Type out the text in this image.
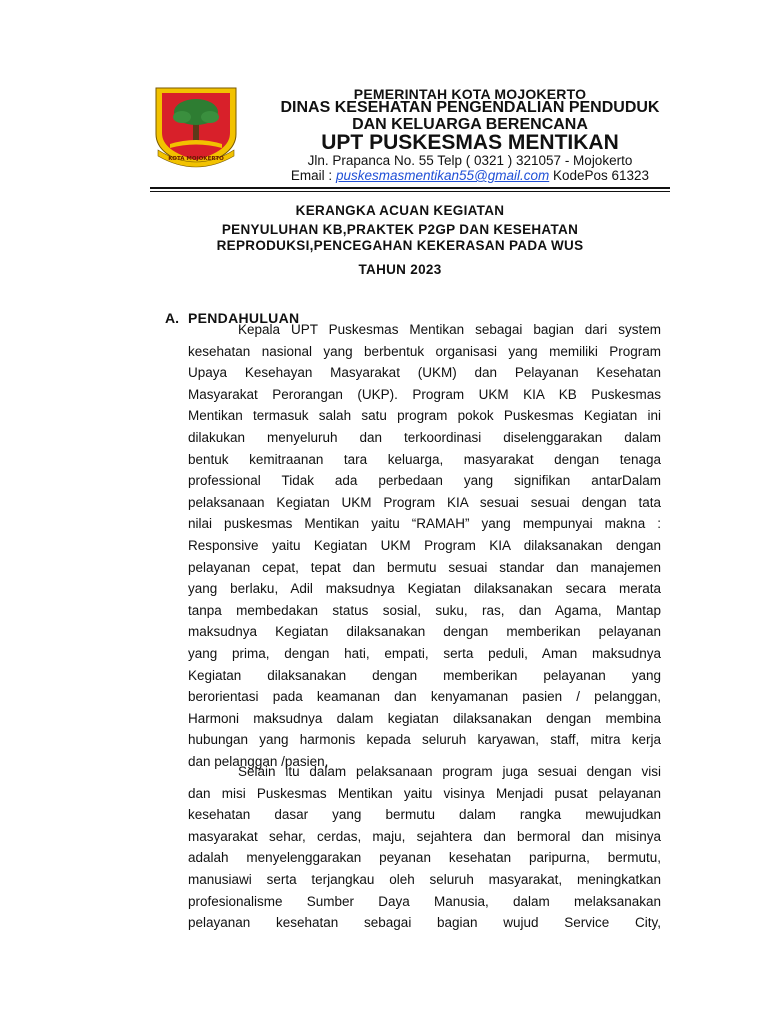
KOTA MOJOKERTO
PEMERINTAH KOTA MOJOKERTO
DINAS KESEHATAN PENGENDALIAN PENDUDUK
DAN KELUARGA BERENCANA
UPT PUSKESMAS MENTIKAN
Jln. Prapanca No. 55 Telp ( 0321 ) 321057 - Mojokerto
Email : puskesmasmentikan55@gmail.com KodePos 61323
KERANGKA ACUAN KEGIATAN
PENYULUHAN KB,PRAKTEK P2GP DAN KESEHATAN
REPRODUKSI,PENCEGAHAN KEKERASAN PADA WUS
TAHUN 2023
A. PENDAHULUAN
Kepala UPT Puskesmas Mentikan sebagai bagian dari system
kesehatan nasional yang berbentuk organisasi yang memiliki Program
Upaya Kesehayan Masyarakat (UKM) dan Pelayanan Kesehatan
Masyarakat Perorangan (UKP). Program UKM KIA KB Puskesmas
Mentikan termasuk salah satu program pokok Puskesmas Kegiatan ini
dilakukan menyeluruh dan terkoordinasi diselenggarakan dalam
bentuk kemitraanan tara keluarga, masyarakat dengan tenaga
professional Tidak ada perbedaan yang signifikan antarDalam
pelaksanaan Kegiatan UKM Program KIA sesuai sesuai dengan tata
nilai puskesmas Mentikan yaitu “RAMAH” yang mempunyai makna :
Responsive yaitu Kegiatan UKM Program KIA dilaksanakan dengan
pelayanan cepat, tepat dan bermutu sesuai standar dan manajemen
yang berlaku, Adil maksudnya Kegiatan dilaksanakan secara merata
tanpa membedakan status sosial, suku, ras, dan Agama, Mantap
maksudnya Kegiatan dilaksanakan dengan memberikan pelayanan
yang prima, dengan hati, empati, serta peduli, Aman maksudnya
Kegiatan dilaksanakan dengan memberikan pelayanan yang
berorientasi pada keamanan dan kenyamanan pasien / pelanggan,
Harmoni maksudnya dalam kegiatan dilaksanakan dengan membina
hubungan yang harmonis kepada seluruh karyawan, staff, mitra kerja
dan pelanggan /pasien,
Selain itu dalam pelaksanaan program juga sesuai dengan visi
dan misi Puskesmas Mentikan yaitu visinya Menjadi pusat pelayanan
kesehatan dasar yang bermutu dalam rangka mewujudkan
masyarakat sehar, cerdas, maju, sejahtera dan bermoral dan misinya
adalah menyelenggarakan peyanan kesehatan paripurna, bermutu,
manusiawi serta terjangkau oleh seluruh masyarakat, meningkatkan
profesionalisme Sumber Daya Manusia, dalam melaksanakan
pelayanan kesehatan sebagai bagian wujud Service City,
